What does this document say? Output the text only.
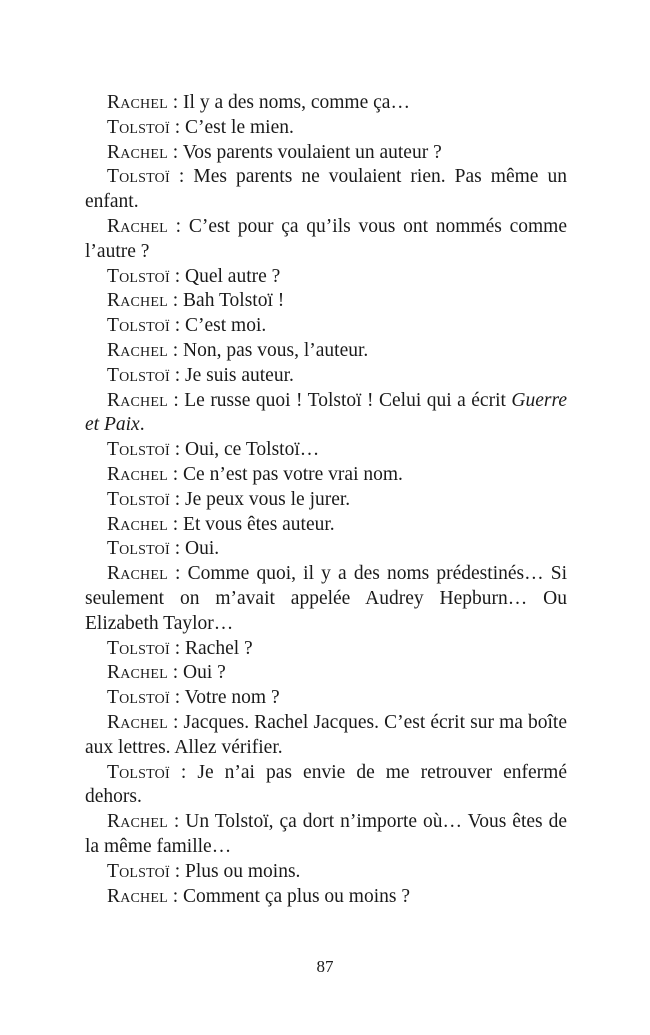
Rachel : Il y a des noms, comme ça…

Tolstoï : C’est le mien.

Rachel : Vos parents voulaient un auteur ?

Tolstoï : Mes parents ne voulaient rien. Pas même un enfant.

Rachel : C’est pour ça qu’ils vous ont nommés comme l’autre ?

Tolstoï : Quel autre ?

Rachel : Bah Tolstoï !

Tolstoï : C’est moi.

Rachel : Non, pas vous, l’auteur.

Tolstoï : Je suis auteur.

Rachel : Le russe quoi ! Tolstoï ! Celui qui a écrit Guerre et Paix.

Tolstoï : Oui, ce Tolstoï…

Rachel : Ce n’est pas votre vrai nom.

Tolstoï : Je peux vous le jurer.

Rachel : Et vous êtes auteur.

Tolstoï : Oui.

Rachel : Comme quoi, il y a des noms prédestinés… Si seulement on m’avait appelée Audrey Hepburn… Ou Elizabeth Taylor…

Tolstoï : Rachel ?

Rachel : Oui ?

Tolstoï : Votre nom ?

Rachel : Jacques. Rachel Jacques. C’est écrit sur ma boîte aux lettres. Allez vérifier.

Tolstoï : Je n’ai pas envie de me retrouver enfermé dehors.

Rachel : Un Tolstoï, ça dort n’importe où… Vous êtes de la même famille…

Tolstoï : Plus ou moins.

Rachel : Comment ça plus ou moins ?

87
